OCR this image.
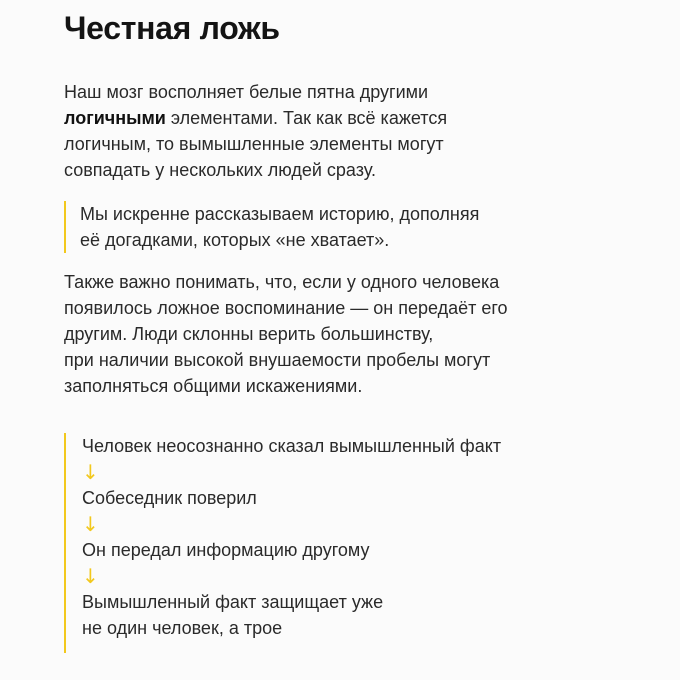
Честная ложь

Наш мозг восполняет белые пятна другими
логичными элементами. Так как всё кажется
логичным, то вымышленные элементы могут
совпадать у нескольких людей сразу.

Мы искренне рассказываем историю, дополняя
её догадками, которых «не хватает».

Также важно понимать, что, если у одного человека
появилось ложное воспоминание — он передаёт его
другим. Люди склонны верить большинству,
при наличии высокой внушаемости пробелы могут
заполняться общими искажениями.

Человек неосознанно сказал вымышленный факт
↓
Собеседник поверил
↓
Он передал информацию другому
↓
Вымышленный факт защищает уже
не один человек, а трое
